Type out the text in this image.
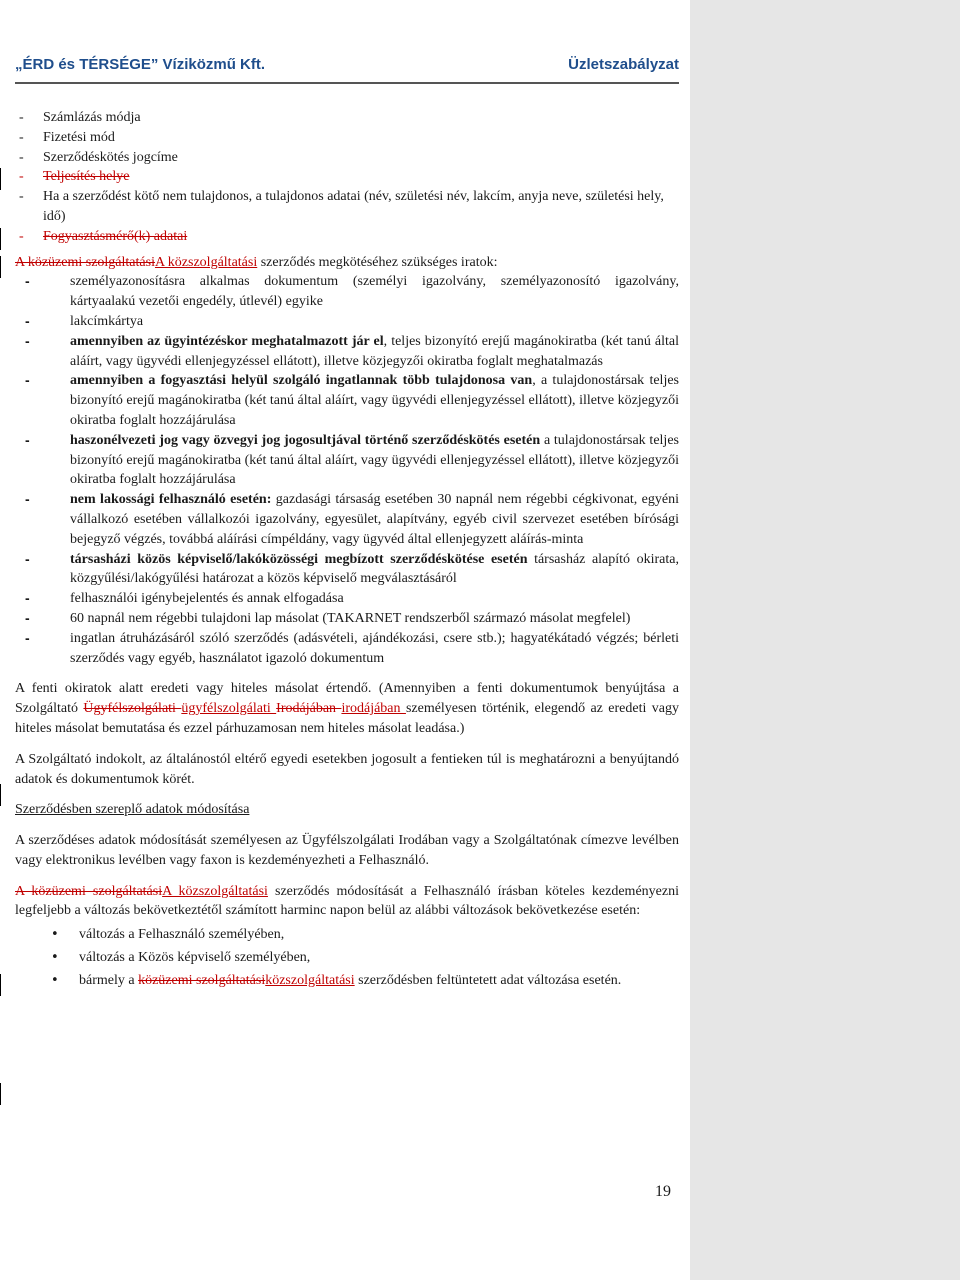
„ÉRD és TÉRSÉGE” Víziközmű Kft.	Üzletszabályzat
- Számlázás módja
- Fizetési mód
- Szerződéskötés jogcíme
- Teljesítés helye
- Ha a szerződést kötő nem tulajdonos, a tulajdonos adatai (név, születési név, lakcím, anyja neve, születési hely, idő)
- Fogyasztásmérő(k) adatai

A közüzemi szolgáltatásiA közszolgáltatási szerződés megkötéséhez szükséges iratok:

- személyazonosításra alkalmas dokumentum (személyi igazolvány, személyazonosító igazolvány, kártyaalakú vezetői engedély, útlevél) egyike
- lakcímkártya
- amennyiben az ügyintézéskor meghatalmazott jár el, teljes bizonyító erejű magánokiratba (két tanú által aláírt, vagy ügyvédi ellenjegyzéssel ellátott), illetve közjegyzői okiratba foglalt meghatalmazás
- amennyiben a fogyasztási helyül szolgáló ingatlannak több tulajdonosa van, a tulajdonostársak teljes bizonyító erejű magánokiratba (két tanú által aláírt, vagy ügyvédi ellenjegyzéssel ellátott), illetve közjegyzői okiratba foglalt hozzájárulása
- haszonélvezeti jog vagy özvegyi jog jogosultjával történő szerződéskötés esetén a tulajdonostársak teljes bizonyító erejű magánokiratba (két tanú által aláírt, vagy ügyvédi ellenjegyzéssel ellátott), illetve közjegyzői okiratba foglalt hozzájárulása
- nem lakossági felhasználó esetén: gazdasági társaság esetében 30 napnál nem régebbi cégkivonat, egyéni vállalkozó esetében vállalkozói igazolvány, egyesület, alapítvány, egyéb civil szervezet esetében bírósági bejegyző végzés, továbbá aláírási címpéldány, vagy ügyvéd által ellenjegyzett aláírás-minta
- társasházi közös képviselő/lakóközösségi megbízott szerződéskötése esetén társasház alapító okirata, közgyűlési/lakógyűlési határozat a közös képviselő megválasztásáról
- felhasználói igénybejelentés és annak elfogadása
- 60 napnál nem régebbi tulajdoni lap másolat (TAKARNET rendszerből származó másolat megfelel)
- ingatlan átruházásáról szóló szerződés (adásvételi, ajándékozási, csere stb.); hagyatékátadó végzés; bérleti szerződés vagy egyéb, használatot igazoló dokumentum

A fenti okiratok alatt eredeti vagy hiteles másolat értendő. (Amennyiben a fenti dokumentumok benyújtása a Szolgáltató Ügyfélszolgálati ügyfélszolgálati Irodájában irodájában személyesen történik, elegendő az eredeti vagy hiteles másolat bemutatása és ezzel párhuzamosan nem hiteles másolat leadása.)

A Szolgáltató indokolt, az általánostól eltérő egyedi esetekben jogosult a fentieken túl is meghatározni a benyújtandó adatok és dokumentumok körét.

Szerződésben szereplő adatok módosítása

A szerződéses adatok módosítását személyesen az Ügyfélszolgálati Irodában vagy a Szolgáltatónak címezve levélben vagy elektronikus levélben vagy faxon is kezdeményezheti a Felhasználó.

A közüzemi szolgáltatásiA közszolgáltatási szerződés módosítását a Felhasználó írásban köteles kezdeményezni legfeljebb a változás bekövetkeztétől számított harminc napon belül az alábbi változások bekövetkezése esetén:

• változás a Felhasználó személyében,
• változás a Közös képviselő személyében,
• bármely a közüzemi szolgáltatásiközszolgáltatási szerződésben feltüntetett adat változása esetén.
19
